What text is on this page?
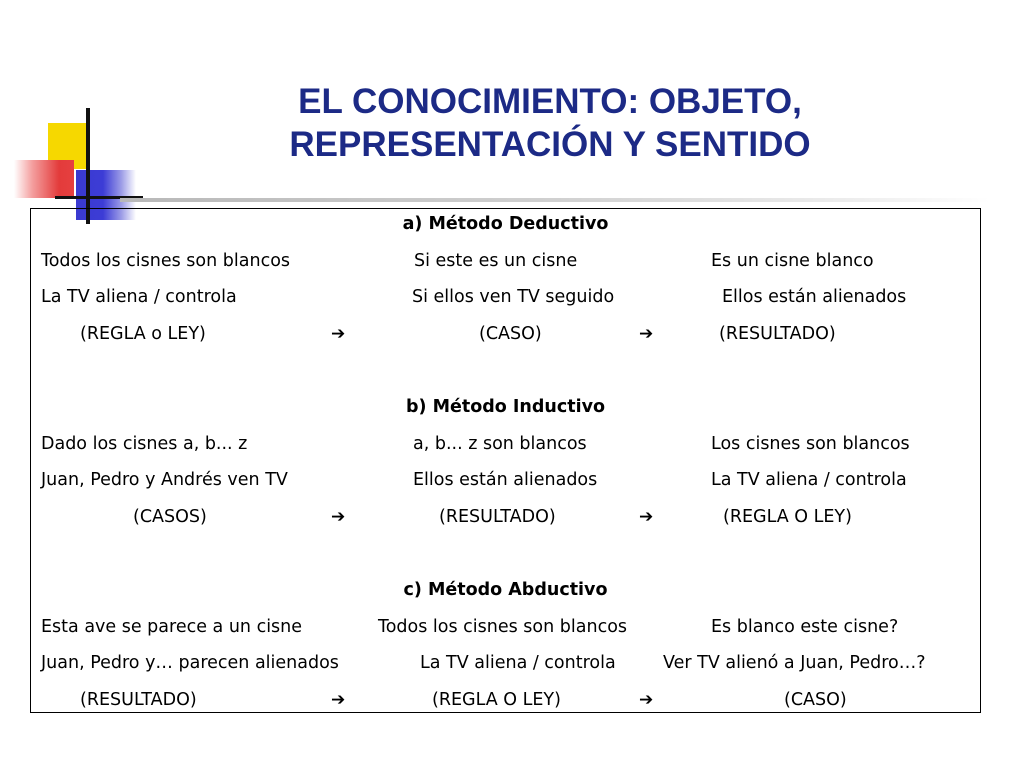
EL CONOCIMIENTO: OBJETO,
REPRESENTACIÓN Y SENTIDO
a) Método Deductivo
Todos los cisnes son blancos	Si este es un cisne	Es un cisne blanco
La TV aliena / controla	Si ellos ven TV seguido	Ellos están alienados
(REGLA o LEY)	➔	(CASO)	➔	(RESULTADO)
b) Método Inductivo
Dado los cisnes a, b... z	a, b... z son blancos	Los cisnes son blancos
Juan, Pedro y Andrés ven TV	Ellos están alienados	La TV aliena / controla
(CASOS)	➔	(RESULTADO)	➔	(REGLA O LEY)
c) Método Abductivo
Esta ave se parece a un cisne	Todos los cisnes son blancos	Es blanco este cisne?
Juan, Pedro y… parecen alienados	La TV aliena / controla	Ver TV alienó a Juan, Pedro…?
(RESULTADO)	➔	(REGLA O LEY)	➔	(CASO)
